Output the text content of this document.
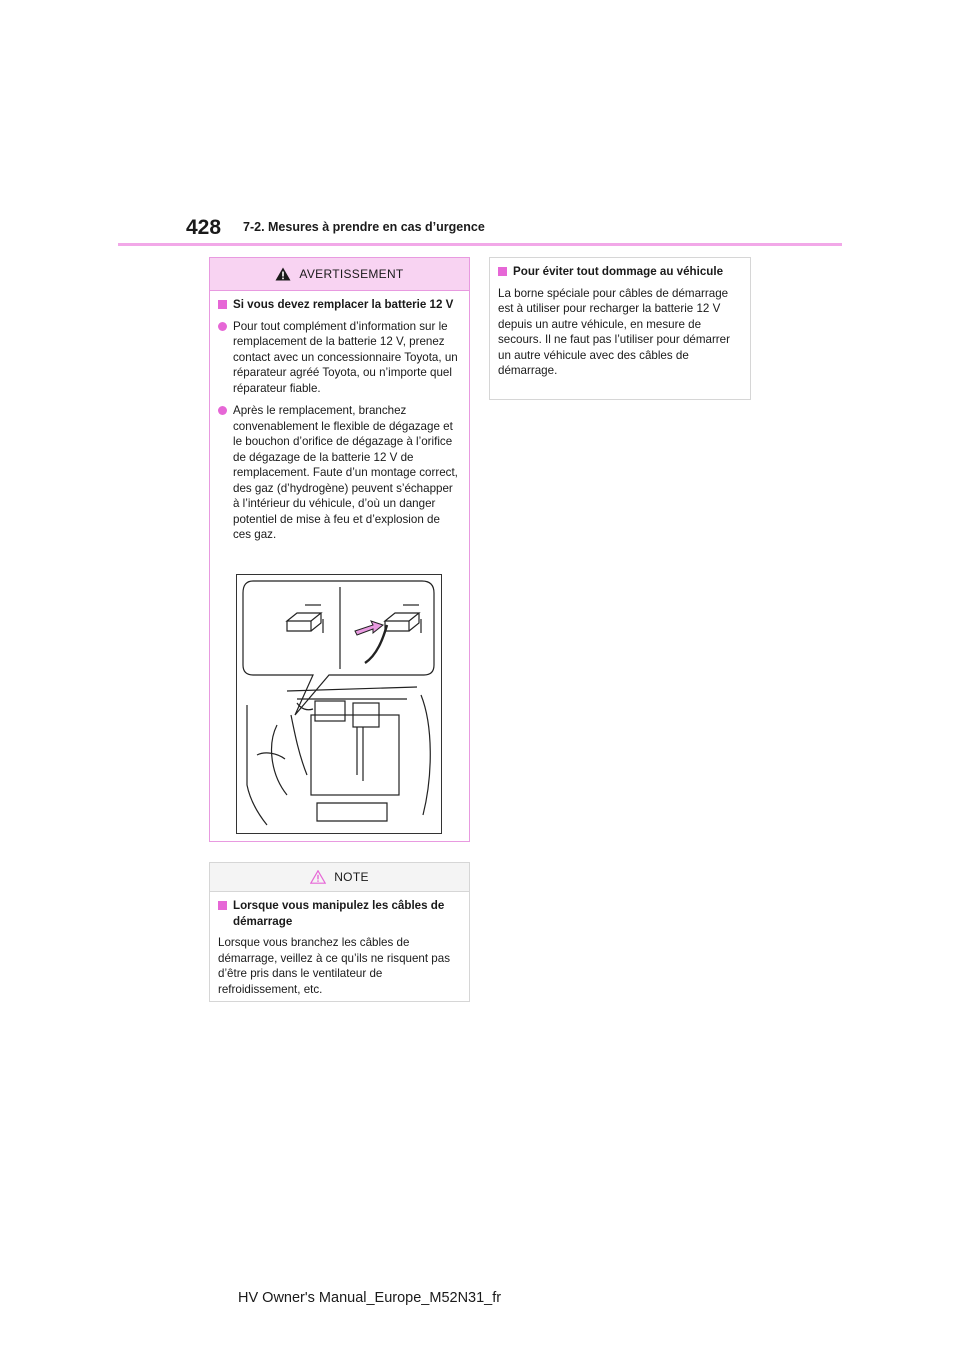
428 7-2. Mesures à prendre en cas d’urgence
AVERTISSEMENT
Si vous devez remplacer la batterie 12 V
Pour tout complément d’information sur le remplacement de la batterie 12 V, prenez contact avec un concessionnaire Toyota, un réparateur agréé Toyota, ou n’importe quel réparateur fiable.
Après le remplacement, branchez convenablement le flexible de dégazage et le bouchon d’orifice de dégazage à l’orifice de dégazage de la batterie 12 V de remplacement. Faute d’un montage correct, des gaz (d’hydrogène) peuvent s’échapper à l’intérieur du véhicule, d’où un danger potentiel de mise à feu et d’explosion de ces gaz.
NOTE
Lorsque vous manipulez les câbles de démarrage

Lorsque vous branchez les câbles de démarrage, veillez à ce qu’ils ne risquent pas d’être pris dans le ventilateur de refroidissement, etc.

Pour éviter tout dommage au véhicule

La borne spéciale pour câbles de démarrage est à utiliser pour recharger la batterie 12 V depuis un autre véhicule, en mesure de secours. Il ne faut pas l’utiliser pour démarrer un autre véhicule avec des câbles de démarrage.

HV Owner's Manual_Europe_M52N31_fr
